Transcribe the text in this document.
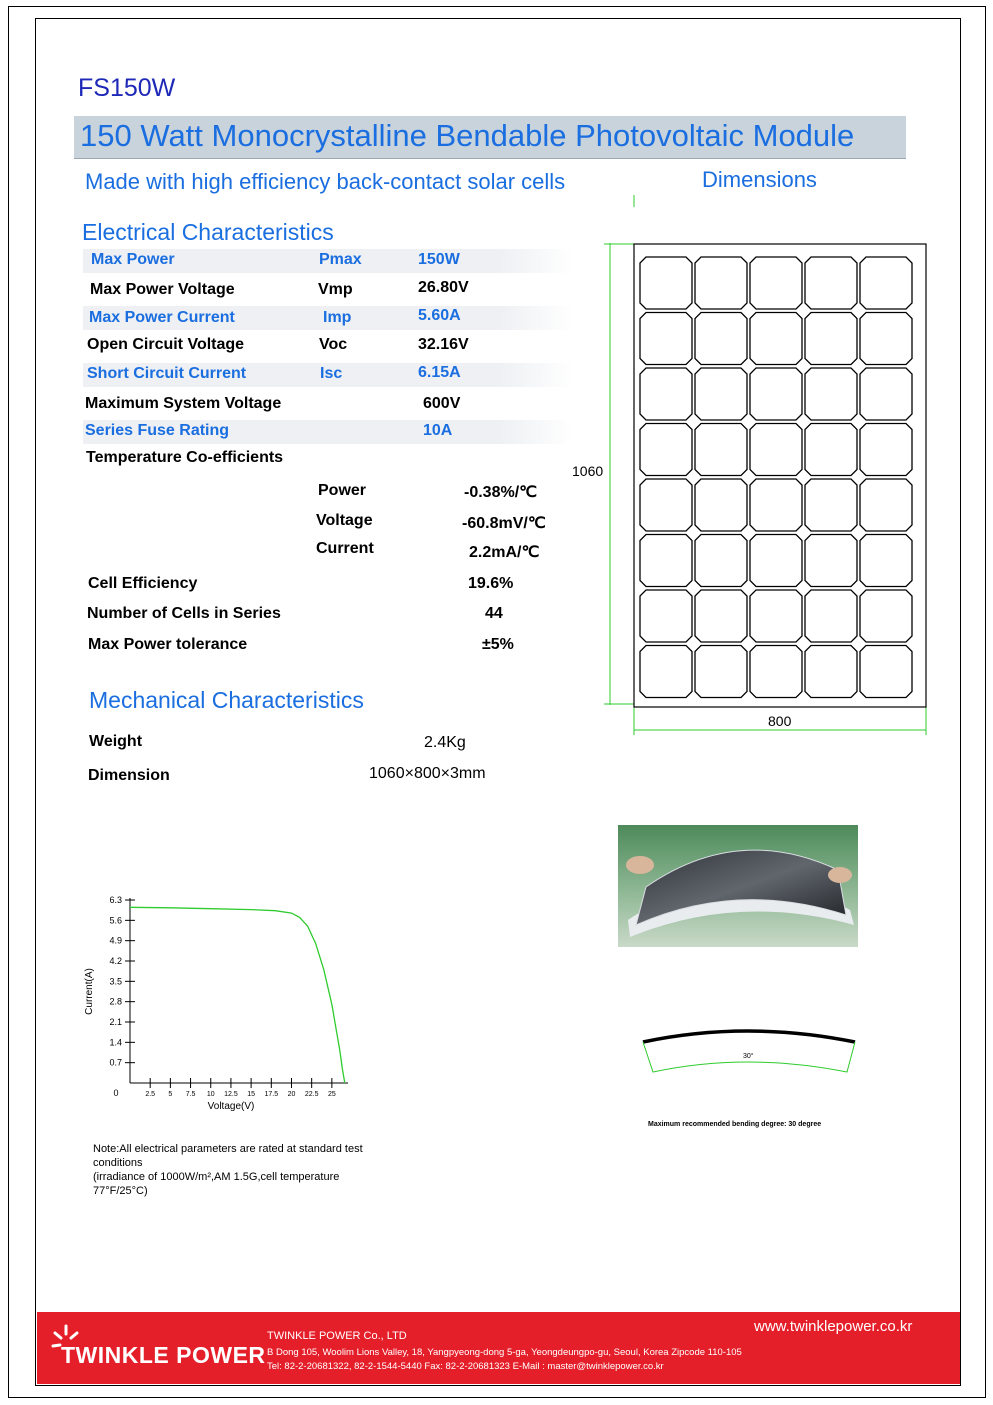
FS150W
150 Watt Monocrystalline Bendable Photovoltaic Module
Made with high efficiency back-contact solar cells	Dimensions
Electrical Characteristics
Max Power	Pmax	150W
Max Power Voltage	Vmp	26.80V
Max Power Current	Imp	5.60A
Open Circuit Voltage	Voc	32.16V
Short Circuit Current	Isc	6.15A
Maximum System Voltage	600V
Series Fuse Rating	10A
Temperature Co-efficients
Power	-0.38%/℃
Voltage	-60.8mV/℃
Current	2.2mA/℃
Cell Efficiency	19.6%
Number of Cells in Series	44
Max Power tolerance	±5%
Mechanical Characteristics
Weight	2.4Kg
Dimension	1060×800×3mm
1060
800
30°
Maximum recommended bending degree: 30 degree
0.7
1.4
2.1
2.8
3.5
4.2
4.9
5.6
6.3
0	2.5 5 7.5 10 12.5 15 17.5 20 22.5 25
Voltage(V)
Current(A)
Note:All electrical parameters are rated at standard test
conditions
(irradiance of 1000W/m²,AM 1.5G,cell temperature
77°F/25°C)
TWINKLE POWER
TWINKLE POWER Co., LTD
B Dong 105, Woolim Lions Valley, 18, Yangpyeong-dong 5-ga, Yeongdeungpo-gu, Seoul, Korea Zipcode 110-105
Tel: 82-2-20681322, 82-2-1544-5440 Fax: 82-2-20681323 E-Mail : master@twinklepower.co.kr
www.twinklepower.co.kr
